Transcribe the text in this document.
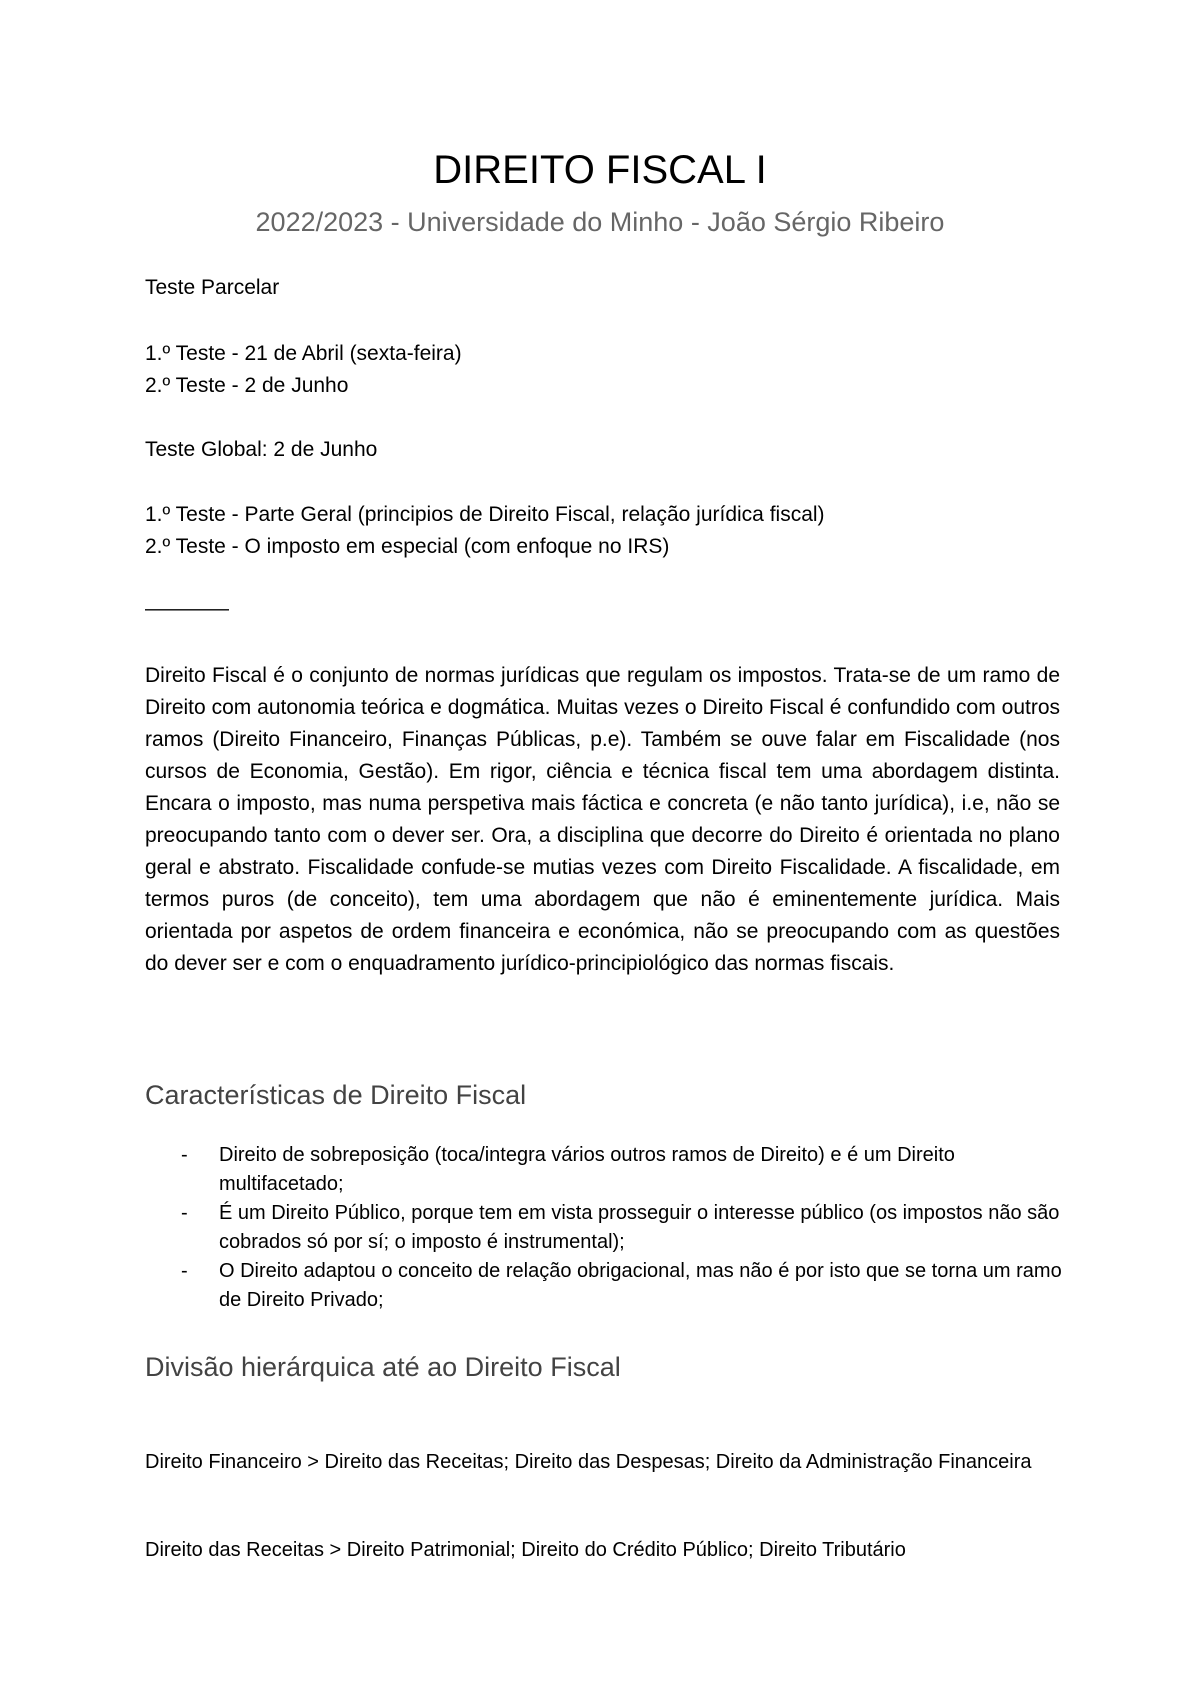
DIREITO FISCAL I
2022/2023 - Universidade do Minho - João Sérgio Ribeiro
Teste Parcelar
1.º Teste - 21 de Abril (sexta-feira)
2.º Teste - 2 de Junho
Teste Global: 2 de Junho
1.º Teste - Parte Geral (principios de Direito Fiscal, relação jurídica fiscal)
2.º Teste - O imposto em especial (com enfoque no IRS)
————
Direito Fiscal é o conjunto de normas jurídicas que regulam os impostos. Trata-se de um ramo de Direito com autonomia teórica e dogmática. Muitas vezes o Direito Fiscal é confundido com outros ramos (Direito Financeiro, Finanças Públicas, p.e). Também se ouve falar em Fiscalidade (nos cursos de Economia, Gestão). Em rigor, ciência e técnica fiscal tem uma abordagem distinta. Encara o imposto, mas numa perspetiva mais fáctica e concreta (e não tanto jurídica), i.e, não se preocupando tanto com o dever ser. Ora, a disciplina que decorre do Direito é orientada no plano geral e abstrato. Fiscalidade confude-se mutias vezes com Direito Fiscalidade. A fiscalidade, em termos puros (de conceito), tem uma abordagem que não é eminentemente jurídica. Mais orientada por aspetos de ordem financeira e económica, não se preocupando com as questões do dever ser e com o enquadramento jurídico-principiológico das normas fiscais.
Características de Direito Fiscal
- Direito de sobreposição (toca/integra vários outros ramos de Direito) e é um Direito multifacetado;
- É um Direito Público, porque tem em vista prosseguir o interesse público (os impostos não são cobrados só por sí; o imposto é instrumental);
- O Direito adaptou o conceito de relação obrigacional, mas não é por isto que se torna um ramo de Direito Privado;
Divisão hierárquica até ao Direito Fiscal
Direito Financeiro > Direito das Receitas; Direito das Despesas; Direito da Administração Financeira
Direito das Receitas > Direito Patrimonial; Direito do Crédito Público; Direito Tributário
